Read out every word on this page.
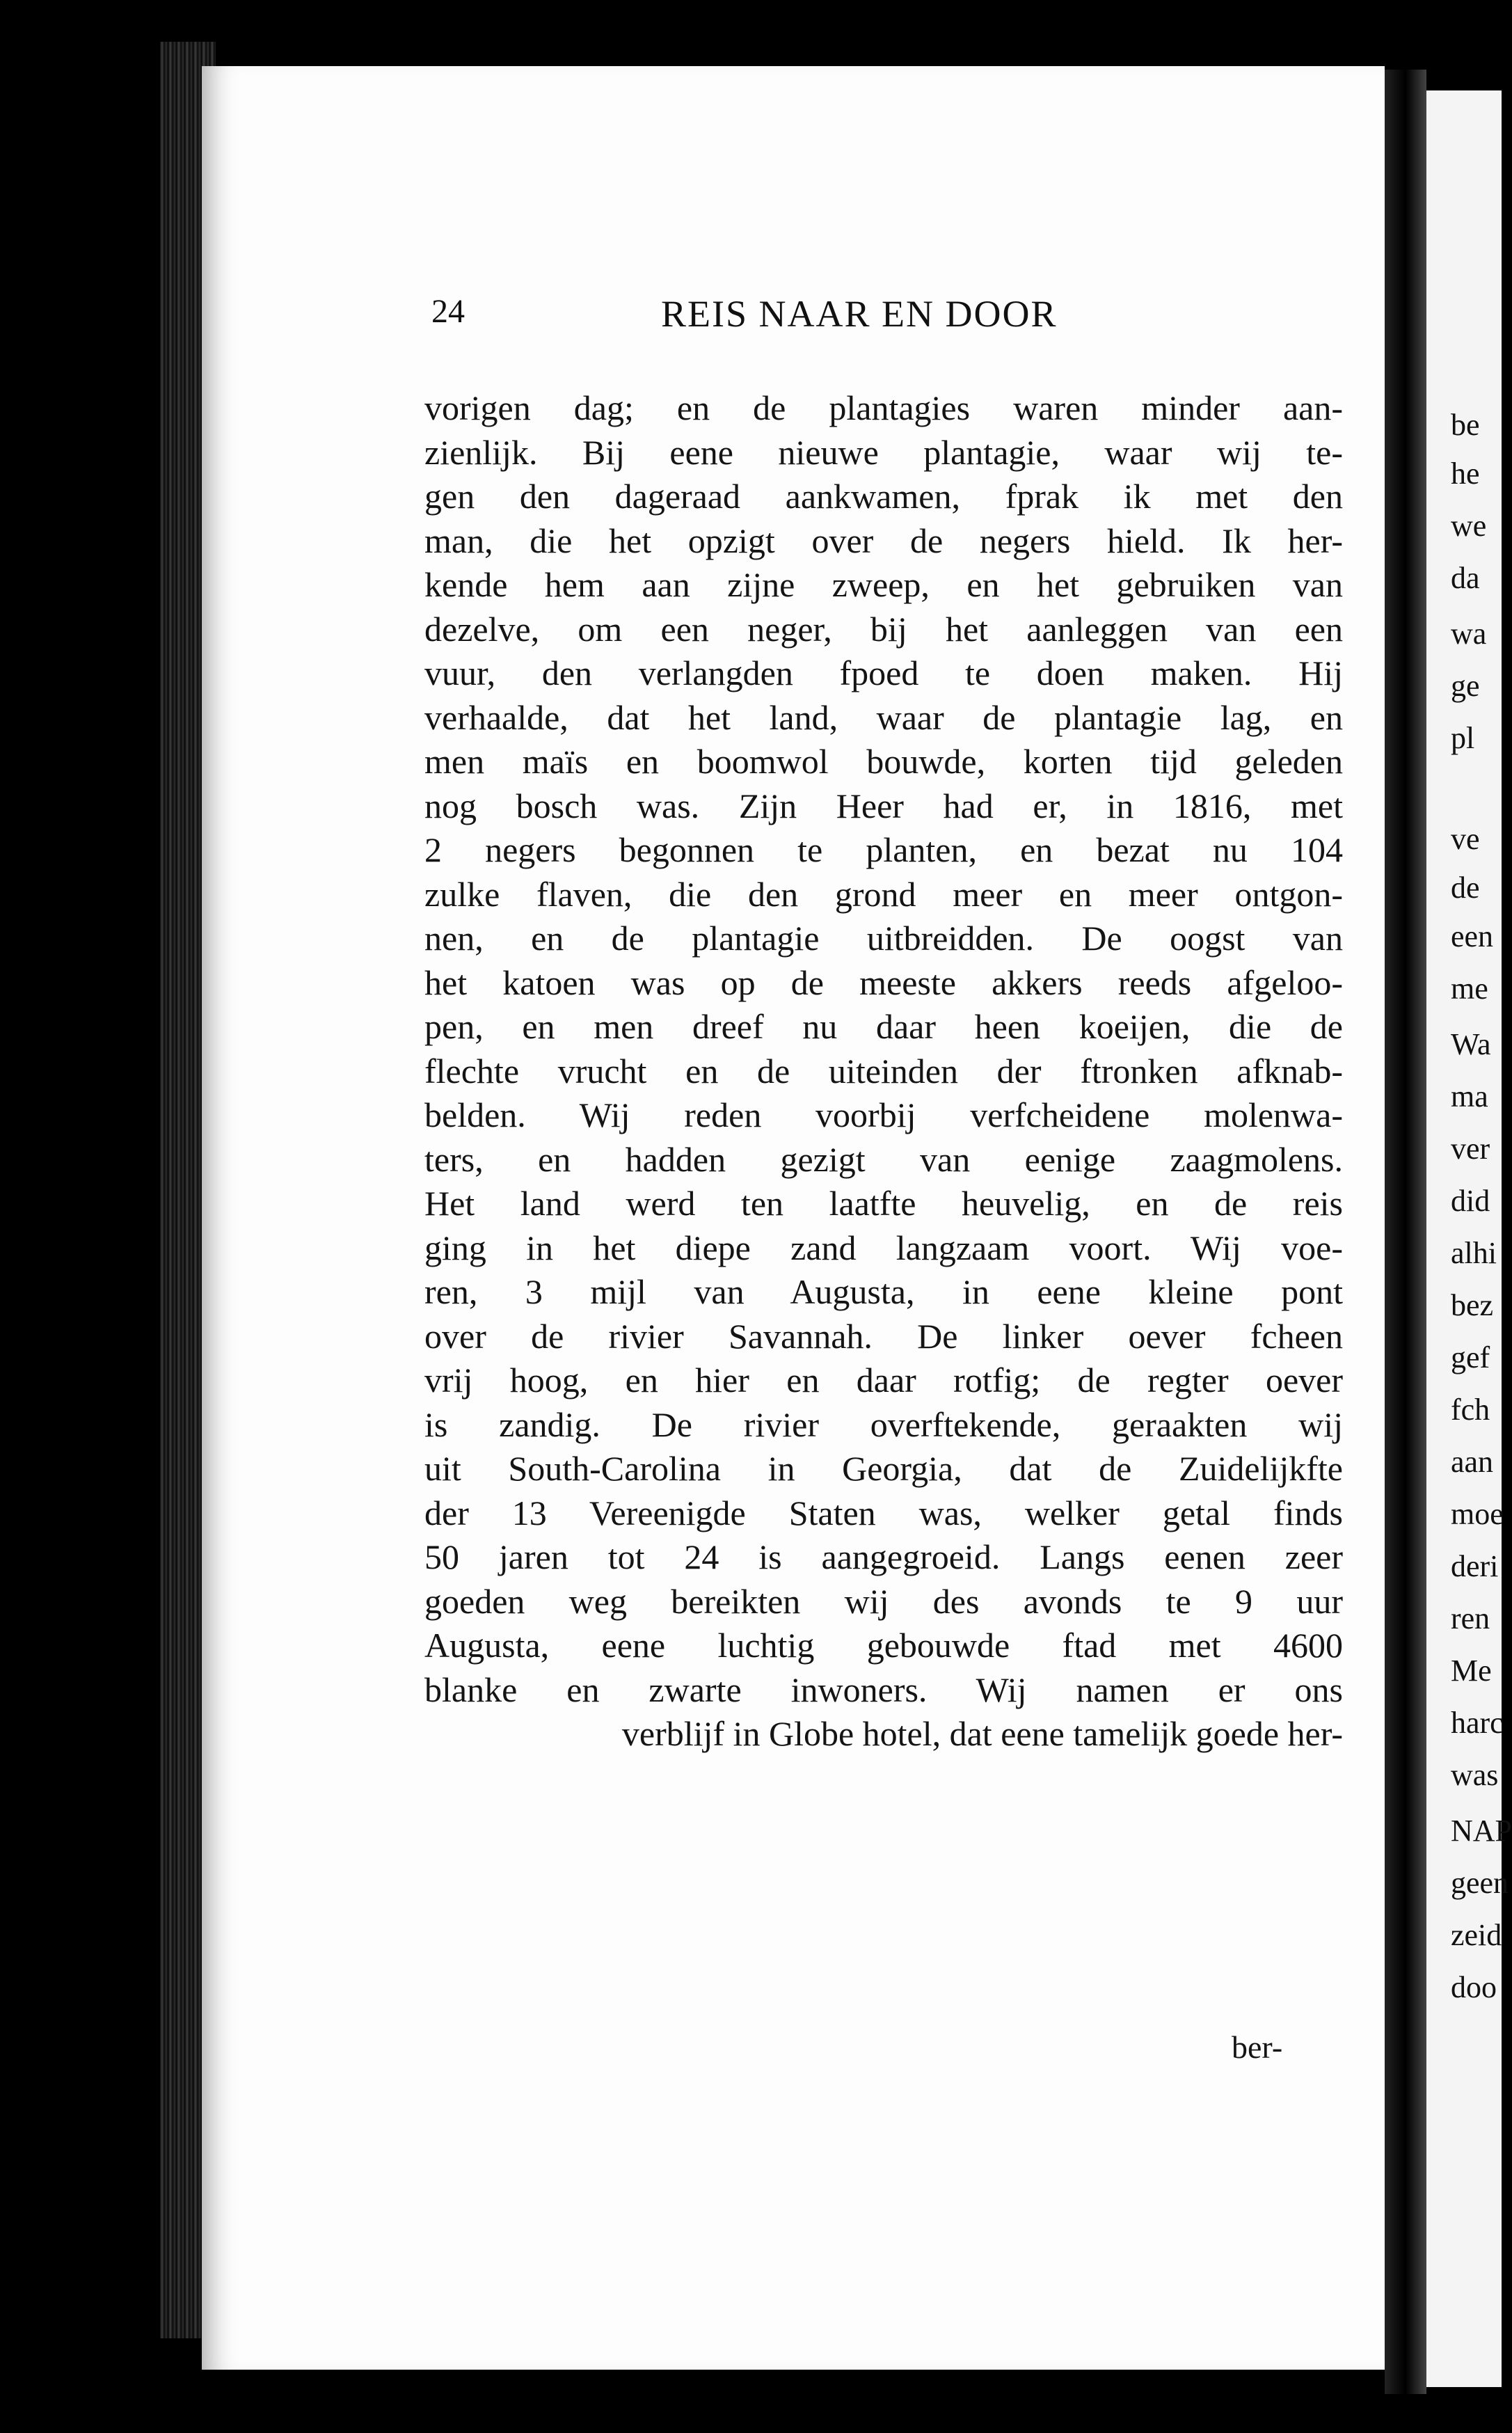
24	REIS NAAR EN DOOR
vorigen dag; en de plantagies waren minder aan-
zienlijk. Bij eene nieuwe plantagie, waar wij te-
gen den dageraad aankwamen, fprak ik met den
man, die het opzigt over de negers hield. Ik her-
kende hem aan zijne zweep, en het gebruiken van
dezelve, om een neger, bij het aanleggen van een
vuur, den verlangden fpoed te doen maken. Hij
verhaalde, dat het land, waar de plantagie lag, en
men maïs en boomwol bouwde, korten tijd geleden
nog bosch was. Zijn Heer had er, in 1816, met
2 negers begonnen te planten, en bezat nu 104
zulke flaven, die den grond meer en meer ontgon-
nen, en de plantagie uitbreidden. De oogst van
het katoen was op de meeste akkers reeds afgeloo-
pen, en men dreef nu daar heen koeijen, die de
flechte vrucht en de uiteinden der ftronken afknab-
belden. Wij reden voorbij verfcheidene molenwa-
ters, en hadden gezigt van eenige zaagmolens.
Het land werd ten laatfte heuvelig, en de reis
ging in het diepe zand langzaam voort. Wij voe-
ren, 3 mijl van Augusta, in eene kleine pont
over de rivier Savannah. De linker oever fcheen
vrij hoog, en hier en daar rotfig; de regter oever
is zandig. De rivier overftekende, geraakten wij
uit South-Carolina in Georgia, dat de Zuidelijkfte
der 13 Vereenigde Staten was, welker getal finds
50 jaren tot 24 is aangegroeid. Langs eenen zeer
goeden weg bereikten wij des avonds te 9 uur
Augusta, eene luchtig gebouwde ftad met 4600
blanke en zwarte inwoners. Wij namen er ons
verblijf in Globe hotel, dat eene tamelijk goede her-
ber-
be
he
we
da
wa
ge
pl
ve
de
een
me
Wa
ma
ver
did
alhi
bez
gef
fch
aan
moe
deri
ren
Me
harc
was
NAP
geen
zeid
doo
